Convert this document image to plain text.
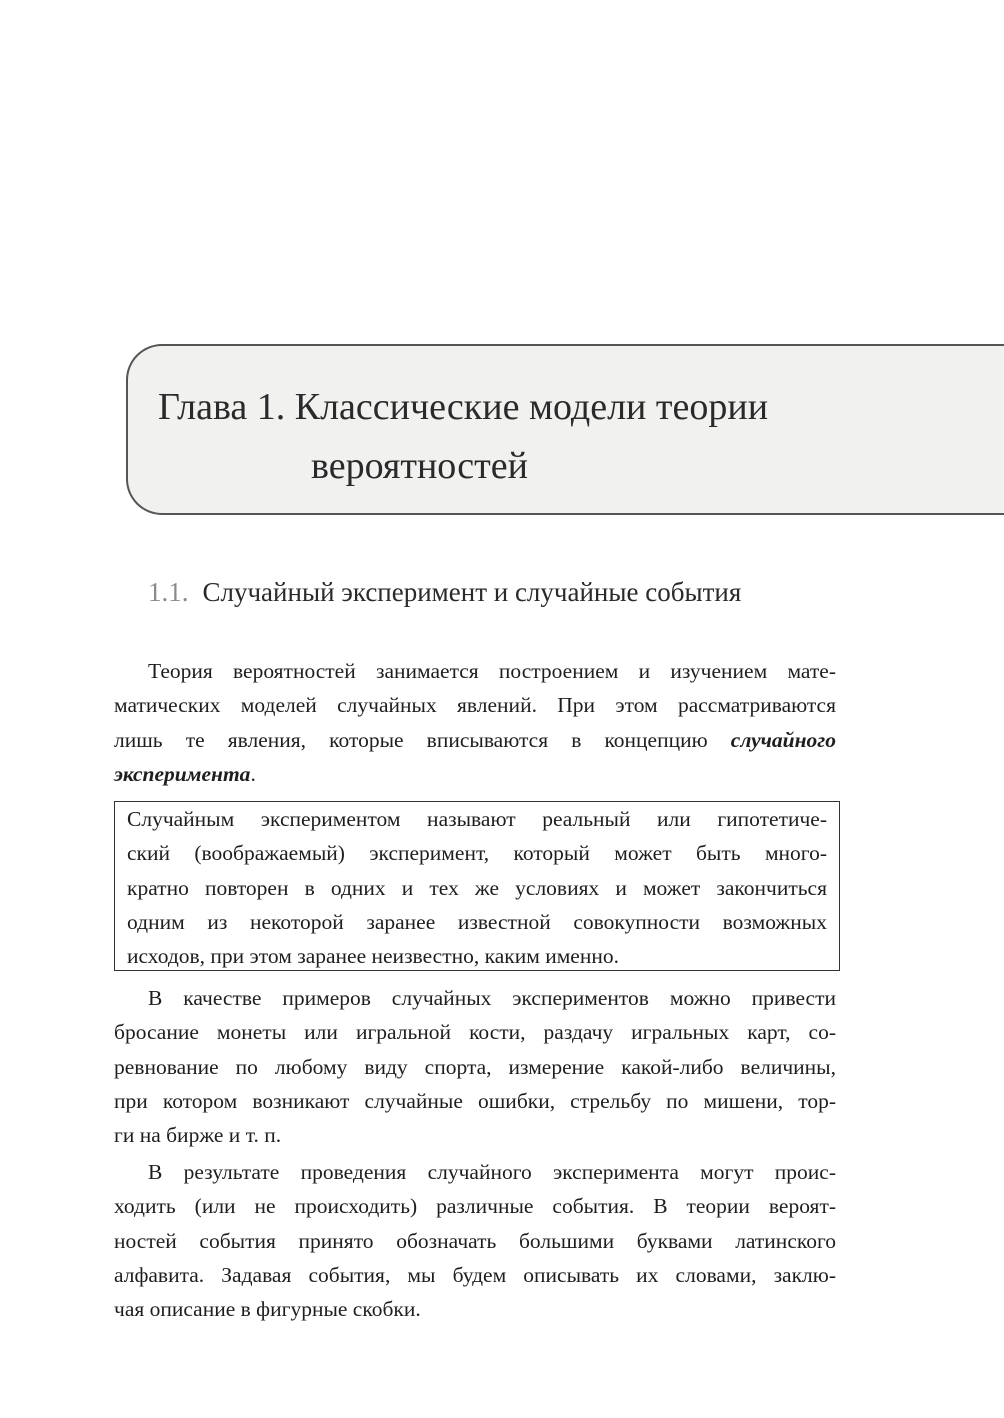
Глава 1. Классические модели теории
вероятностей
1.1. Случайный эксперимент и случайные события

Теория вероятностей занимается построением и изучением мате-
матических моделей случайных явлений. При этом рассматриваются
лишь те явления, которые вписываются в концепцию случайного
эксперимента.

Случайным экспериментом называют реальный или гипотетиче-
ский (воображаемый) эксперимент, который может быть много-
кратно повторен в одних и тех же условиях и может закончиться
одним из некоторой заранее известной совокупности возможных
исходов, при этом заранее неизвестно, каким именно.

В качестве примеров случайных экспериментов можно привести
бросание монеты или игральной кости, раздачу игральных карт, со-
ревнование по любому виду спорта, измерение какой-либо величины,
при котором возникают случайные ошибки, стрельбу по мишени, тор-
ги на бирже и т. п.

В результате проведения случайного эксперимента могут проис-
ходить (или не происходить) различные события. В теории вероят-
ностей события принято обозначать большими буквами латинского
алфавита. Задавая события, мы будем описывать их словами, заклю-
чая описание в фигурные скобки.
